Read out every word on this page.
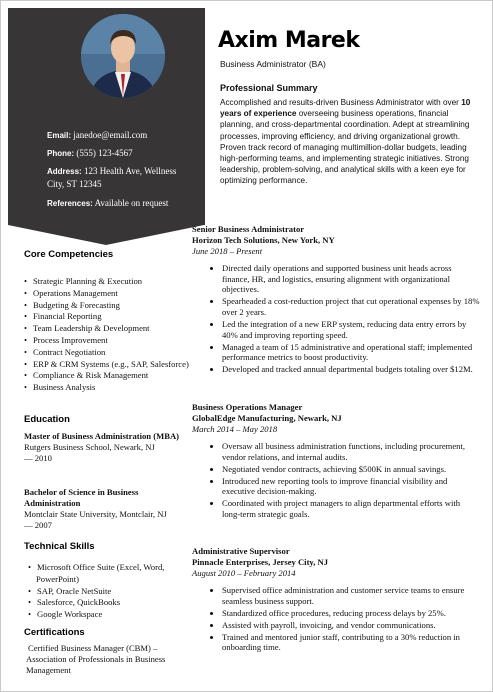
Email: janedoe@email.com
Phone: (555) 123-4567
Address: 123 Health Ave, Wellness
City, ST 12345
References: Available on request
Axim Marek
Business Administrator (BA)
Professional Summary

Accomplished and results-driven Business Administrator with over 10 years of experience overseeing business operations, financial planning, and cross-departmental coordination. Adept at streamlining processes, improving efficiency, and driving organizational growth. Proven track record of managing multimillion-dollar budgets, leading high-performing teams, and implementing strategic initiatives. Strong leadership, problem-solving, and analytical skills with a keen eye for optimizing performance.

Core Competencies
• Strategic Planning & Execution
• Operations Management
• Budgeting & Forecasting
• Financial Reporting
• Team Leadership & Development
• Process Improvement
• Contract Negotiation
• ERP & CRM Systems (e.g., SAP, Salesforce)
• Compliance & Risk Management
• Business Analysis
Education
Master of Business Administration (MBA)
Rutgers Business School, Newark, NJ
— 2010
Bachelor of Science in Business Administration
Montclair State University, Montclair, NJ
— 2007
Technical Skills
• Microsoft Office Suite (Excel, Word, PowerPoint)
• SAP, Oracle NetSuite
• Salesforce, QuickBooks
• Google Workspace
Certifications
Certified Business Manager (CBM) – Association of Professionals in Business Management
Senior Business Administrator
Horizon Tech Solutions, New York, NY
June 2018 – Present
• Directed daily operations and supported business unit heads across finance, HR, and logistics, ensuring alignment with organizational objectives.
• Spearheaded a cost-reduction project that cut operational expenses by 18% over 2 years.
• Led the integration of a new ERP system, reducing data entry errors by 40% and improving reporting speed.
• Managed a team of 15 administrative and operational staff; implemented performance metrics to boost productivity.
• Developed and tracked annual departmental budgets totaling over $12M.
Business Operations Manager
GlobalEdge Manufacturing, Newark, NJ
March 2014 – May 2018
• Oversaw all business administration functions, including procurement, vendor relations, and internal audits.
• Negotiated vendor contracts, achieving $500K in annual savings.
• Introduced new reporting tools to improve financial visibility and executive decision-making.
• Coordinated with project managers to align departmental efforts with long-term strategic goals.
Administrative Supervisor
Pinnacle Enterprises, Jersey City, NJ
August 2010 – February 2014
• Supervised office administration and customer service teams to ensure seamless business support.
• Standardized office procedures, reducing process delays by 25%.
• Assisted with payroll, invoicing, and vendor communications.
• Trained and mentored junior staff, contributing to a 30% reduction in onboarding time.
